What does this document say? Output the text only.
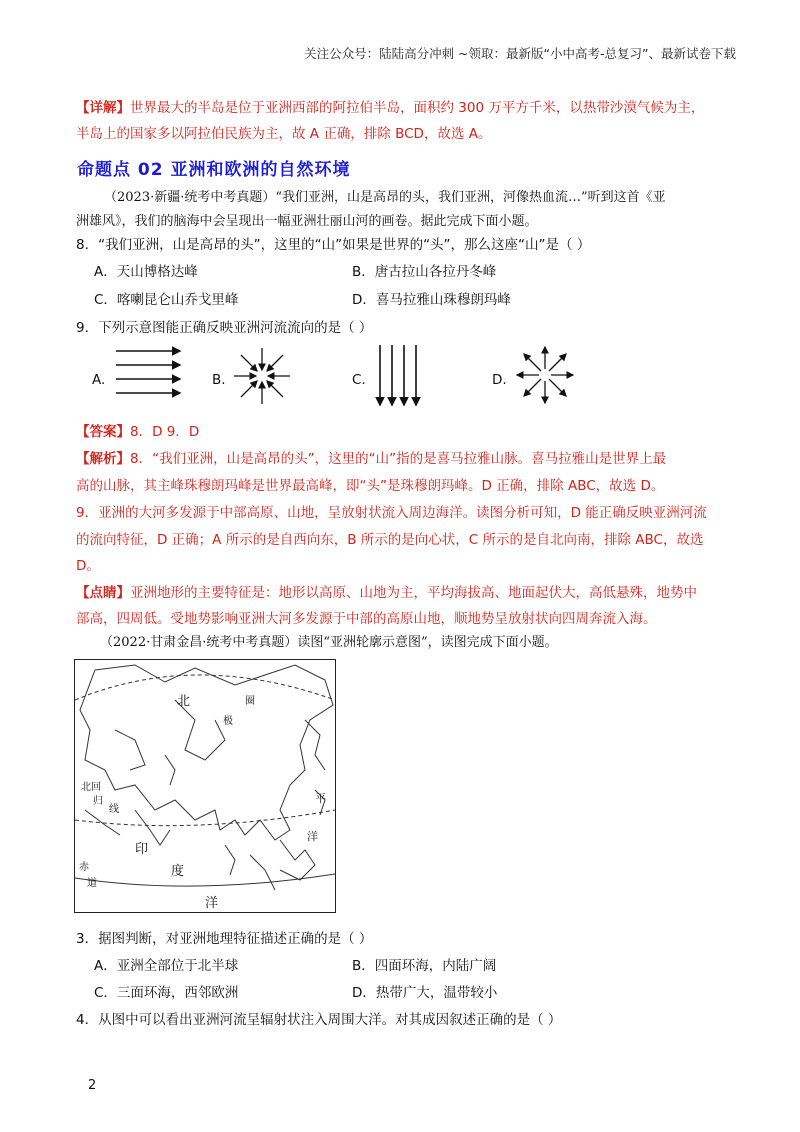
关注公众号：陆陆高分冲刺 ~领取：最新版“小中高考-总复习”、最新试卷下载
【详解】世界最大的半岛是位于亚洲西部的阿拉伯半岛，面积约 300 万平方千米，以热带沙漠气候为主，
半岛上的国家多以阿拉伯民族为主，故 A 正确，排除 BCD，故选 A。
命题点 02 亚洲和欧洲的自然环境
（2023·新疆·统考中考真题）“我们亚洲，山是高昂的头，我们亚洲，河像热血流…”听到这首《亚
洲雄风》，我们的脑海中会呈现出一幅亚洲壮丽山河的画卷。据此完成下面小题。
8．“我们亚洲，山是高昂的头”，这里的“山”如果是世界的“头”，那么这座“山”是（ ）
A．天山博格达峰	B．唐古拉山各拉丹冬峰
C．喀喇昆仑山乔戈里峰	D．喜马拉雅山珠穆朗玛峰
9．下列示意图能正确反映亚洲河流流向的是（ ）
A.	B.	C.	D.
【答案】8．D 9．D
【解析】8．“我们亚洲，山是高昂的头”，这里的“山”指的是喜马拉雅山脉。喜马拉雅山是世界上最
高的山脉，其主峰珠穆朗玛峰是世界最高峰，即“头”是珠穆朗玛峰。D 正确，排除 ABC，故选 D。
9．亚洲的大河多发源于中部高原、山地，呈放射状流入周边海洋。读图分析可知，D 能正确反映亚洲河流
的流向特征，D 正确；A 所示的是自西向东，B 所示的是向心状，C 所示的是自北向南，排除 ABC，故选
D。
【点睛】亚洲地形的主要特征是：地形以高原、山地为主，平均海拔高、地面起伏大，高低悬殊，地势中
部高，四周低。受地势影响亚洲大河多发源于中部的高原山地，顺地势呈放射状向四周奔流入海。
（2022·甘肃金昌·统考中考真题）读图“亚洲轮廓示意图”，读图完成下面小题。
北
极
圈
北回
归
线
平
洋
印
赤
道
度
洋
3．据图判断，对亚洲地理特征描述正确的是（ ）
A．亚洲全部位于北半球	B．四面环海，内陆广阔
C．三面环海，西邻欧洲	D．热带广大，温带较小
4．从图中可以看出亚洲河流呈辐射状注入周围大洋。对其成因叙述正确的是（ ）
2
